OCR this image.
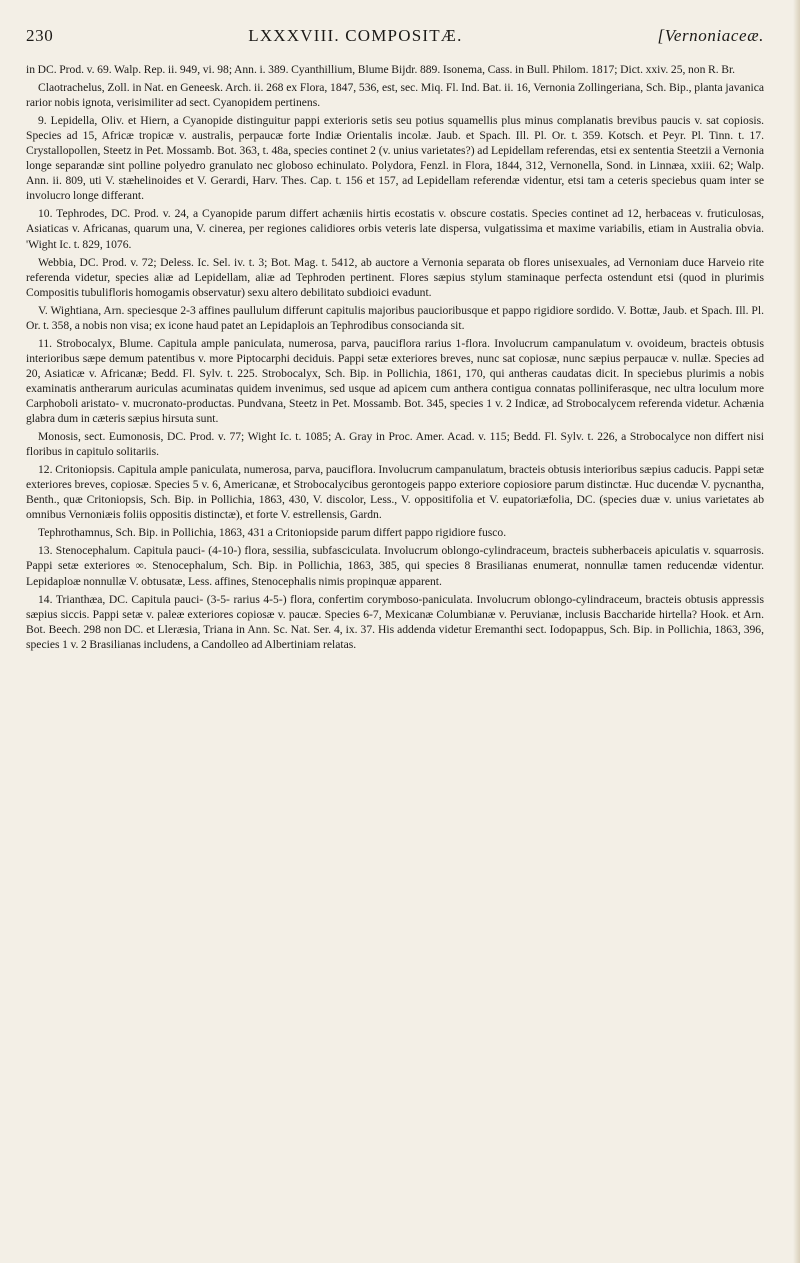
230	LXXXVIII. COMPOSITÆ.	[Vernoniaceæ.

in DC. Prod. v. 69. Walp. Rep. ii. 949, vi. 98; Ann. i. 389. Cyanthillium, Blume Bijdr. 889. Isonema, Cass. in Bull. Philom. 1817; Dict. xxiv. 25, non R. Br.

Claotrachelus, Zoll. in Nat. en Geneesk. Arch. ii. 268 ex Flora, 1847, 536, est, sec. Miq. Fl. Ind. Bat. ii. 16, Vernonia Zollingeriana, Sch. Bip., planta javanica rarior nobis ignota, verisimiliter ad sect. Cyanopidem pertinens.

9. Lepidella, Oliv. et Hiern, a Cyanopide distinguitur pappi exterioris setis seu potius squamellis plus minus complanatis brevibus paucis v. sat copiosis. Species ad 15, Africæ tropicæ v. australis, perpaucæ forte Indiæ Orientalis incolæ. Jaub. et Spach. Ill. Pl. Or. t. 359. Kotsch. et Peyr. Pl. Tinn. t. 17. Crystallopollen, Steetz in Pet. Mossamb. Bot. 363, t. 48a, species continet 2 (v. unius varietates?) ad Lepidellam referendas, etsi ex sententia Steetzii a Vernonia longe separandæ sint polline polyedro granulato nec globoso echinulato. Polydora, Fenzl. in Flora, 1844, 312, Vernonella, Sond. in Linnæa, xxiii. 62; Walp. Ann. ii. 809, uti V. stæhelinoides et V. Gerardi, Harv. Thes. Cap. t. 156 et 157, ad Lepidellam referendæ videntur, etsi tam a ceteris speciebus quam inter se involucro longe differant.

10. Tephrodes, DC. Prod. v. 24, a Cyanopide parum differt achæniis hirtis ecostatis v. obscure costatis. Species continet ad 12, herbaceas v. fruticulosas, Asiaticas v. Africanas, quarum una, V. cinerea, per regiones calidiores orbis veteris late dispersa, vulgatissima et maxime variabilis, etiam in Australia obvia. 'Wight Ic. t. 829, 1076.

Webbia, DC. Prod. v. 72; Deless. Ic. Sel. iv. t. 3; Bot. Mag. t. 5412, ab auctore a Vernonia separata ob flores unisexuales, ad Vernoniam duce Harveio rite referenda videtur, species aliæ ad Lepidellam, aliæ ad Tephroden pertinent. Flores sæpius stylum staminaque perfecta ostendunt etsi (quod in plurimis Compositis tubulifloris homogamis observatur) sexu altero debilitato subdioici evadunt.

V. Wightiana, Arn. speciesque 2-3 affines paullulum differunt capitulis majoribus paucioribusque et pappo rigidiore sordido. V. Bottæ, Jaub. et Spach. Ill. Pl. Or. t. 358, a nobis non visa; ex icone haud patet an Lepidaplois an Tephrodibus consocianda sit.

11. Strobocalyx, Blume. Capitula ample paniculata, numerosa, parva, pauciflora rarius 1-flora. Involucrum campanulatum v. ovoideum, bracteis obtusis interioribus sæpe demum patentibus v. more Piptocarphi deciduis. Pappi setæ exteriores breves, nunc sat copiosæ, nunc sæpius perpaucæ v. nullæ. Species ad 20, Asiaticæ v. Africanæ; Bedd. Fl. Sylv. t. 225. Strobocalyx, Sch. Bip. in Pollichia, 1861, 170, qui antheras caudatas dicit. In speciebus plurimis a nobis examinatis antherarum auriculas acuminatas quidem invenimus, sed usque ad apicem cum anthera contigua connatas polliniferasque, nec ultra loculum more Carphoboli aristato- v. mucronato-productas. Pundvana, Steetz in Pet. Mossamb. Bot. 345, species 1 v. 2 Indicæ, ad Strobocalycem referenda videtur. Achænia glabra dum in cæteris sæpius hirsuta sunt.

Monosis, sect. Eumonosis, DC. Prod. v. 77; Wight Ic. t. 1085; A. Gray in Proc. Amer. Acad. v. 115; Bedd. Fl. Sylv. t. 226, a Strobocalyce non differt nisi floribus in capitulo solitariis.

12. Critoniopsis. Capitula ample paniculata, numerosa, parva, pauciflora. Involucrum campanulatum, bracteis obtusis interioribus sæpius caducis. Pappi setæ exteriores breves, copiosæ. Species 5 v. 6, Americanæ, et Strobocalycibus gerontogeis pappo exteriore copiosiore parum distinctæ. Huc ducendæ V. pycnantha, Benth., quæ Critoniopsis, Sch. Bip. in Pollichia, 1863, 430, V. discolor, Less., V. oppositifolia et V. eupatoriæfolia, DC. (species duæ v. unius varietates ab omnibus Vernoniæis foliis oppositis distinctæ), et forte V. estrellensis, Gardn.

Tephrothamnus, Sch. Bip. in Pollichia, 1863, 431 a Critoniopside parum differt pappo rigidiore fusco.

13. Stenocephalum. Capitula pauci- (4-10-) flora, sessilia, subfasciculata. Involucrum oblongo-cylindraceum, bracteis subherbaceis apiculatis v. squarrosis. Pappi setæ exteriores ∞. Stenocephalum, Sch. Bip. in Pollichia, 1863, 385, qui species 8 Brasilianas enumerat, nonnullæ tamen reducendæ videntur. Lepidaploæ nonnullæ V. obtusatæ, Less. affines, Stenocephalis nimis propinquæ apparent.

14. Trianthæa, DC. Capitula pauci- (3-5- rarius 4-5-) flora, confertim corymboso-paniculata. Involucrum oblongo-cylindraceum, bracteis obtusis appressis sæpius siccis. Pappi setæ v. paleæ exteriores copiosæ v. paucæ. Species 6-7, Mexicanæ Columbianæ v. Peruvianæ, inclusis Baccharide hirtella? Hook. et Arn. Bot. Beech. 298 non DC. et Lleræsia, Triana in Ann. Sc. Nat. Ser. 4, ix. 37. His addenda videtur Eremanthi sect. Iodopappus, Sch. Bip. in Pollichia, 1863, 396, species 1 v. 2 Brasilianas includens, a Candolleo ad Albertiniam relatas.
